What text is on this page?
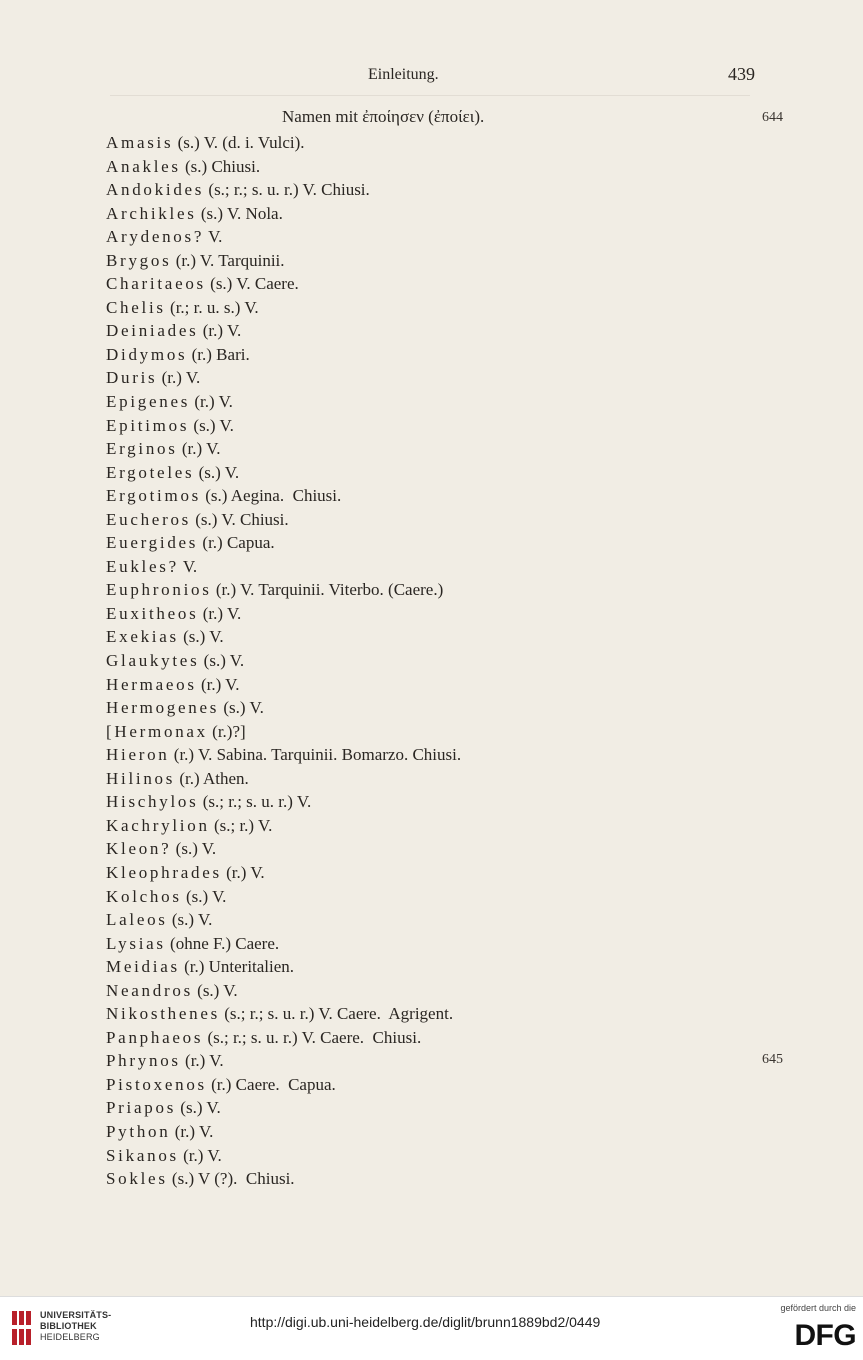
Einleitung.	439
Namen mit ἐποίησεν (ἐποίει).	644
645
Amasis (s.) V. (d. i. Vulci).
Anakles (s.) Chiusi.
Andokides (s.; r.; s. u. r.) V. Chiusi.
Archikles (s.) V. Nola.
Arydenos? V.
Brygos (r.) V. Tarquinii.
Charitaeos (s.) V. Caere.
Chelis (r.; r. u. s.) V.
Deiniades (r.) V.
Didymos (r.) Bari.
Duris (r.) V.
Epigenes (r.) V.
Epitimos (s.) V.
Erginos (r.) V.
Ergoteles (s.) V.
Ergotimos (s.) Aegina.  Chiusi.
Eucheros (s.) V. Chiusi.
Euergides (r.) Capua.
Eukles? V.
Euphronios (r.) V. Tarquinii. Viterbo. (Caere.)
Euxitheos (r.) V.
Exekias (s.) V.
Glaukytes (s.) V.
Hermaeos (r.) V.
Hermogenes (s.) V.
[Hermonax (r.)?]
Hieron (r.) V. Sabina. Tarquinii. Bomarzo. Chiusi.
Hilinos (r.) Athen.
Hischylos (s.; r.; s. u. r.) V.
Kachrylion (s.; r.) V.
Kleon? (s.) V.
Kleophrades (r.) V.
Kolchos (s.) V.
Laleos (s.) V.
Lysias (ohne F.) Caere.
Meidias (r.) Unteritalien.
Neandros (s.) V.
Nikosthenes (s.; r.; s. u. r.) V. Caere.  Agrigent.
Panphaeos (s.; r.; s. u. r.) V. Caere.  Chiusi.
Phrynos (r.) V.
Pistoxenos (r.) Caere.  Capua.
Priapos (s.) V.
Python (r.) V.
Sikanos (r.) V.
Sokles (s.) V (?).  Chiusi.
UNIVERSITÄTS-
BIBLIOTHEK
HEIDELBERG
http://digi.ub.uni-heidelberg.de/diglit/brunn1889bd2/0449
gefördert durch die
DFG
